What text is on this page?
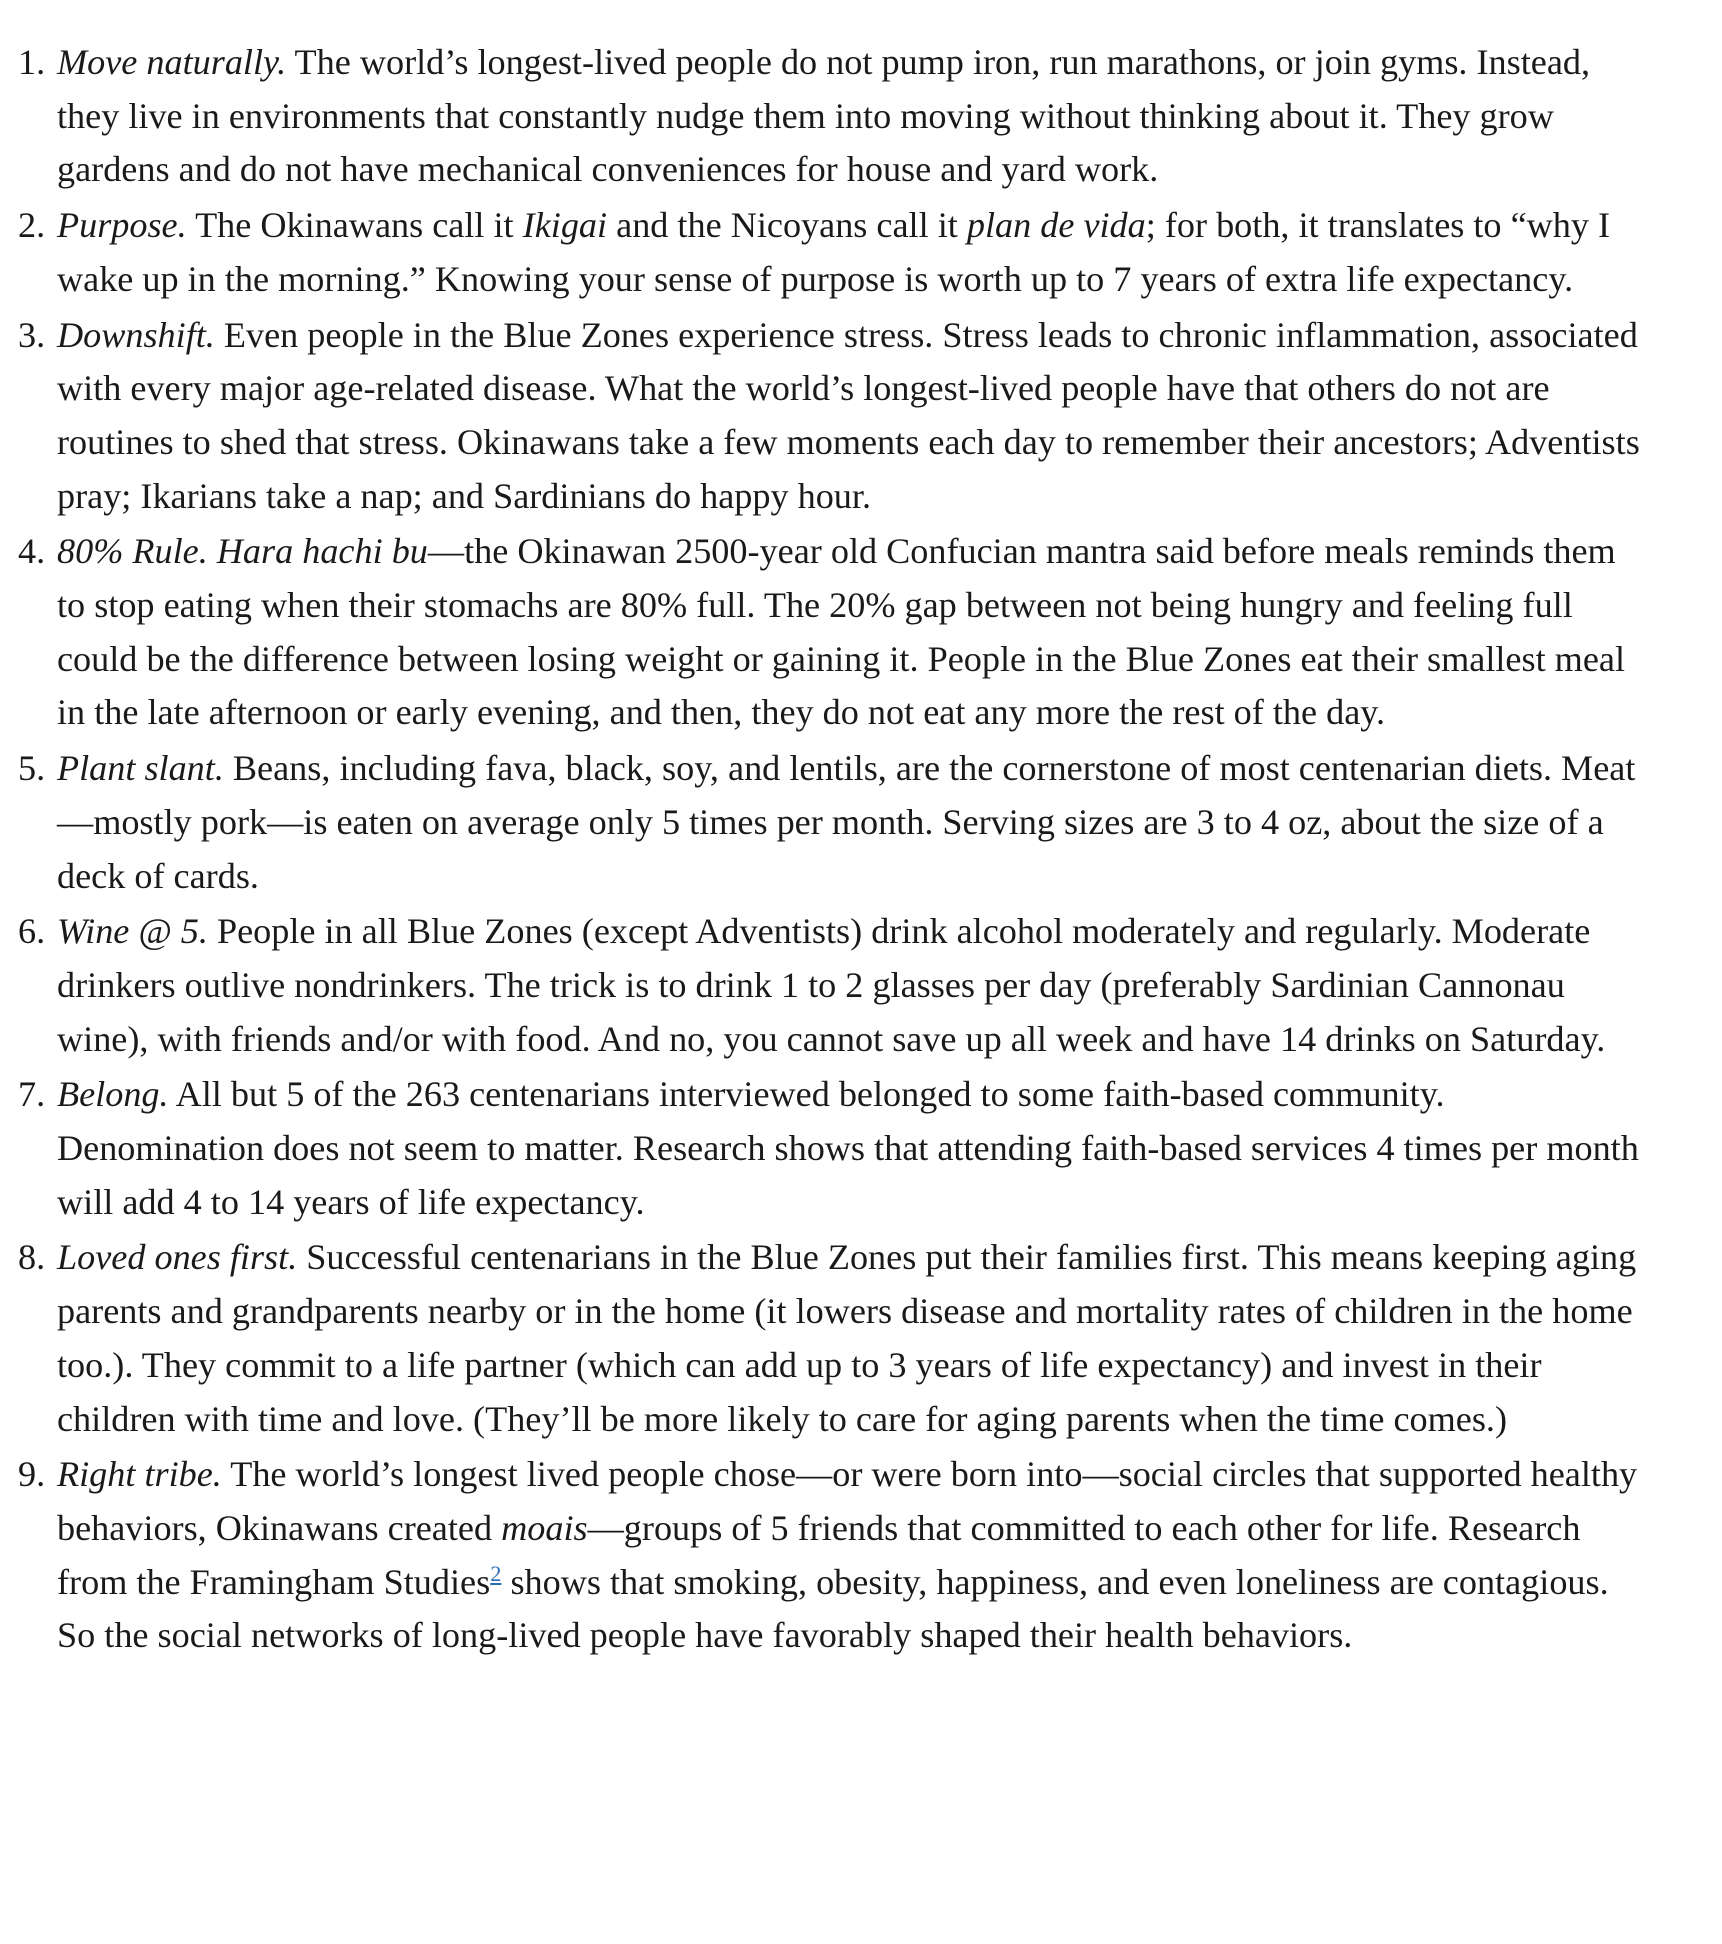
1. Move naturally. The world’s longest-lived people do not pump iron, run marathons, or join gyms. Instead, they live in environments that constantly nudge them into moving without thinking about it. They grow gardens and do not have mechanical conveniences for house and yard work.
2. Purpose. The Okinawans call it Ikigai and the Nicoyans call it plan de vida; for both, it translates to “why I wake up in the morning.” Knowing your sense of purpose is worth up to 7 years of extra life expectancy.
3. Downshift. Even people in the Blue Zones experience stress. Stress leads to chronic inflammation, associated with every major age-related disease. What the world’s longest-lived people have that others do not are routines to shed that stress. Okinawans take a few moments each day to remember their ancestors; Adventists pray; Ikarians take a nap; and Sardinians do happy hour.
4. 80% Rule. Hara hachi bu—the Okinawan 2500-year old Confucian mantra said before meals reminds them to stop eating when their stomachs are 80% full. The 20% gap between not being hungry and feeling full could be the difference between losing weight or gaining it. People in the Blue Zones eat their smallest meal in the late afternoon or early evening, and then, they do not eat any more the rest of the day.
5. Plant slant. Beans, including fava, black, soy, and lentils, are the cornerstone of most centenarian diets. Meat—mostly pork—is eaten on average only 5 times per month. Serving sizes are 3 to 4 oz, about the size of a deck of cards.
6. Wine @ 5. People in all Blue Zones (except Adventists) drink alcohol moderately and regularly. Moderate drinkers outlive nondrinkers. The trick is to drink 1 to 2 glasses per day (preferably Sardinian Cannonau wine), with friends and/or with food. And no, you cannot save up all week and have 14 drinks on Saturday.
7. Belong. All but 5 of the 263 centenarians interviewed belonged to some faith-based community. Denomination does not seem to matter. Research shows that attending faith-based services 4 times per month will add 4 to 14 years of life expectancy.
8. Loved ones first. Successful centenarians in the Blue Zones put their families first. This means keeping aging parents and grandparents nearby or in the home (it lowers disease and mortality rates of children in the home too.). They commit to a life partner (which can add up to 3 years of life expectancy) and invest in their children with time and love. (They’ll be more likely to care for aging parents when the time comes.)
9. Right tribe. The world’s longest lived people chose—or were born into—social circles that supported healthy behaviors, Okinawans created moais—groups of 5 friends that committed to each other for life. Research from the Framingham Studies$^2$ shows that smoking, obesity, happiness, and even loneliness are contagious. So the social networks of long-lived people have favorably shaped their health behaviors.
